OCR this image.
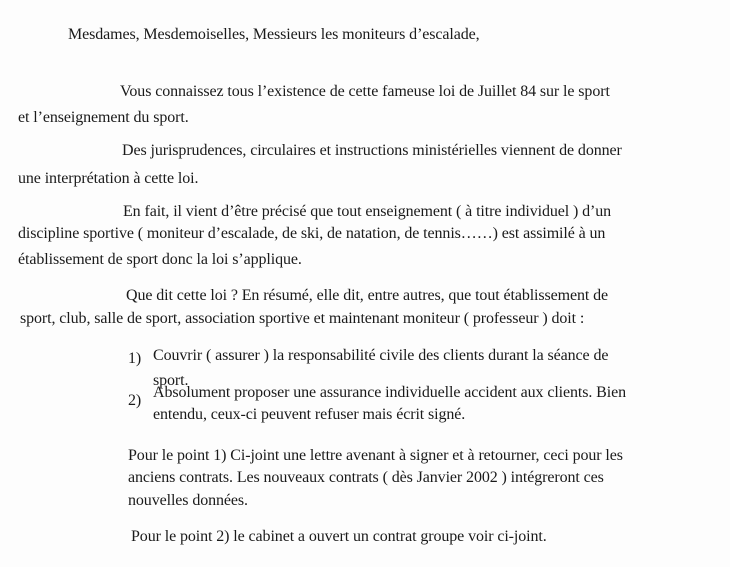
Mesdames, Mesdemoiselles, Messieurs les moniteurs d’escalade,
Vous connaissez tous l’existence de cette fameuse loi de Juillet 84 sur le sport
et l’enseignement du sport.
Des jurisprudences, circulaires et instructions ministérielles viennent de donner
une interprétation à cette loi.
En fait, il vient d’être précisé que tout enseignement ( à titre individuel ) d’un
discipline sportive ( moniteur d’escalade, de ski, de natation, de tennis……) est assimilé à un
établissement de sport donc la loi s’applique.
Que dit cette loi ? En résumé, elle dit, entre autres, que tout établissement de
sport, club, salle de sport, association sportive et maintenant moniteur ( professeur ) doit :
1) Couvrir ( assurer ) la responsabilité civile des clients durant la séance de
sport.
2) Absolument proposer une assurance individuelle accident aux clients. Bien
entendu, ceux-ci peuvent refuser mais écrit signé.
Pour le point 1) Ci-joint une lettre avenant à signer et à retourner, ceci pour les
anciens contrats. Les nouveaux contrats ( dès Janvier 2002 ) intégreront ces
nouvelles données.
Pour le point 2) le cabinet a ouvert un contrat groupe voir ci-joint.
